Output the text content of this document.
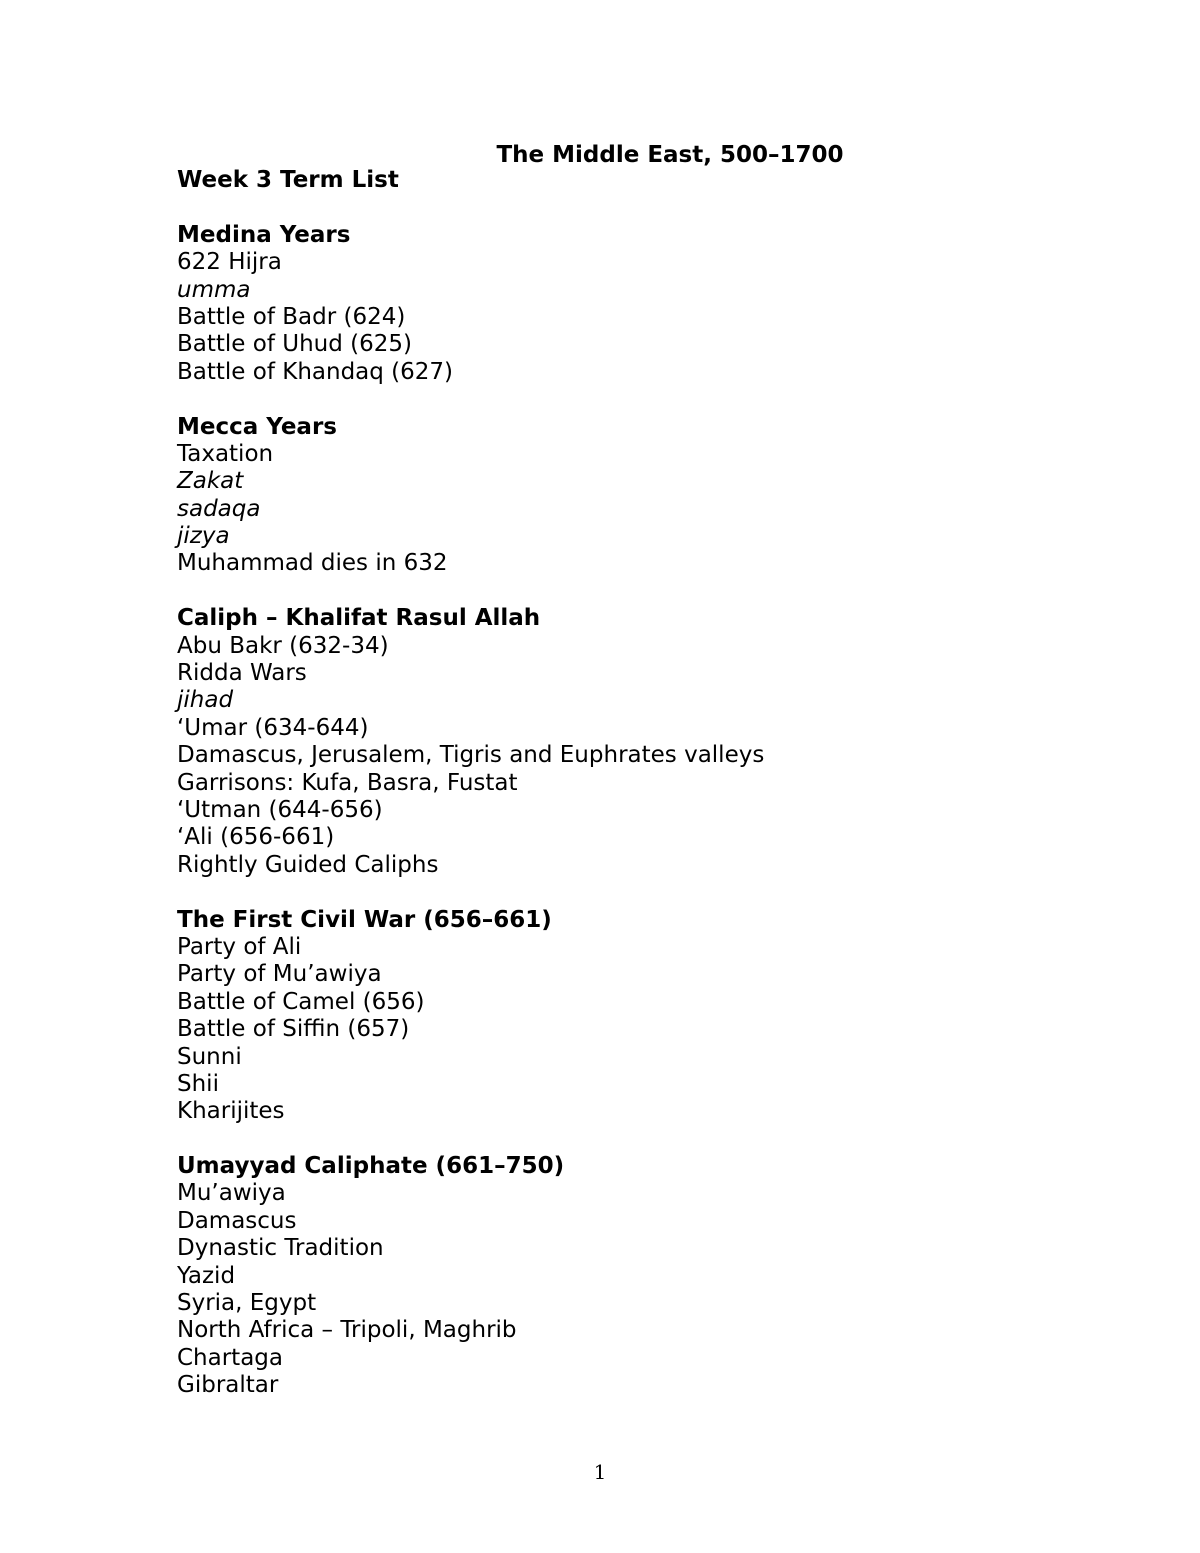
The Middle East, 500–1700

Week 3 Term List

Medina Years

622 Hijra

umma

Battle of Badr (624)

Battle of Uhud (625)

Battle of Khandaq (627)

Mecca Years

Taxation

Zakat

sadaqa

jizya

Muhammad dies in 632

Caliph – Khalifat Rasul Allah

Abu Bakr (632-34)

Ridda Wars

jihad

‘Umar (634-644)

Damascus, Jerusalem, Tigris and Euphrates valleys

Garrisons: Kufa, Basra, Fustat

‘Utman (644-656)

‘Ali (656-661)

Rightly Guided Caliphs

The First Civil War (656–661)

Party of Ali

Party of Mu’awiya

Battle of Camel (656)

Battle of Siffin (657)

Sunni

Shii

Kharijites

Umayyad Caliphate (661–750)

Mu’awiya

Damascus

Dynastic Tradition

Yazid

Syria, Egypt

North Africa – Tripoli, Maghrib

Chartaga

Gibraltar

1
